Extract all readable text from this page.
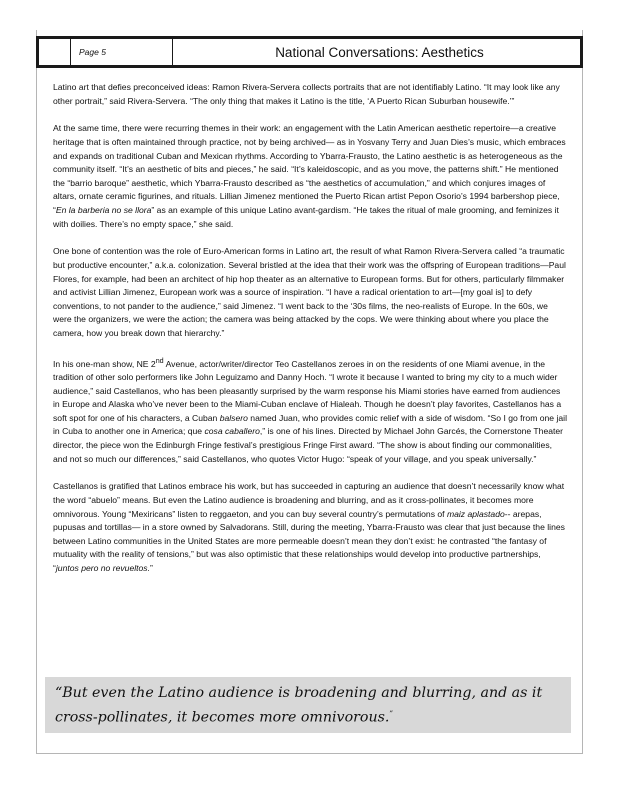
Page 5	National Conversations: Aesthetics

Latino art that defies preconceived ideas: Ramon Rivera-Servera collects portraits that are not identifiably Latino. “It may look like any other portrait,” said Rivera-Servera. “The only thing that makes it Latino is the title, ‘A Puerto Rican Suburban housewife.’”

At the same time, there were recurring themes in their work: an engagement with the Latin American aesthetic repertoire—a creative heritage that is often maintained through practice, not by being archived— as in Yosvany Terry and Juan Dies’s music, which embraces and expands on traditional Cuban and Mexican rhythms. According to Ybarra-Frausto, the Latino aesthetic is as heterogeneous as the community itself. “It’s an aesthetic of bits and pieces,” he said. “It’s kaleidoscopic, and as you move, the patterns shift.” He mentioned the “barrio baroque” aesthetic, which Ybarra-Frausto described as “the aesthetics of accumulation,” and which conjures images of altars, ornate ceramic figurines, and rituals. Lillian Jimenez mentioned the Puerto Rican artist Pepon Osorio’s 1994 barbershop piece, “En la barberia no se llora” as an example of this unique Latino avant-gardism. “He takes the ritual of male grooming, and feminizes it with doilies. There’s no empty space,” she said.

One bone of contention was the role of Euro-American forms in Latino art, the result of what Ramon Rivera-Servera called “a traumatic but productive encounter,” a.k.a. colonization. Several bristled at the idea that their work was the offspring of European traditions—Paul Flores, for example, had been an architect of hip hop theater as an alternative to European forms. But for others, particularly filmmaker and activist Lillian Jimenez, European work was a source of inspiration. “I have a radical orientation to art—[my goal is] to defy conventions, to not pander to the audience,” said Jimenez. “I went back to the ‘30s films, the neo-realists of Europe. In the 60s, we were the organizers, we were the action; the camera was being attacked by the cops. We were thinking about where you place the camera, how you break down that hierarchy.”

In his one-man show, NE 2nd Avenue, actor/writer/director Teo Castellanos zeroes in on the residents of one Miami avenue, in the tradition of other solo performers like John Leguizamo and Danny Hoch. “I wrote it because I wanted to bring my city to a much wider audience,” said Castellanos, who has been pleasantly surprised by the warm response his Miami stories have earned from audiences in Europe and Alaska who’ve never been to the Miami-Cuban enclave of Hialeah. Though he doesn’t play favorites, Castellanos has a soft spot for one of his characters, a Cuban balsero named Juan, who provides comic relief with a side of wisdom. “So I go from one jail in Cuba to another one in America; que cosa caballero,” is one of his lines. Directed by Michael John Garcés, the Cornerstone Theater director, the piece won the Edinburgh Fringe festival’s prestigious Fringe First award. “The show is about finding our commonalities, and not so much our differences,” said Castellanos, who quotes Victor Hugo: “speak of your village, and you speak universally.”

Castellanos is gratified that Latinos embrace his work, but has succeeded in capturing an audience that doesn’t necessarily know what the word “abuelo” means. But even the Latino audience is broadening and blurring, and as it cross-pollinates, it becomes more omnivorous. Young “Mexiricans” listen to reggaeton, and you can buy several country’s permutations of maiz aplastado-- arepas, pupusas and tortillas— in a store owned by Salvadorans. Still, during the meeting, Ybarra-Frausto was clear that just because the lines between Latino communities in the United States are more permeable doesn’t mean they don’t exist: he contrasted “the fantasy of mutuality with the reality of tensions,” but was also optimistic that these relationships would develop into productive partnerships, “juntos pero no revueltos.”

“But even the Latino audience is broadening and blurring, and as it cross-pollinates, it becomes more omnivorous.”
